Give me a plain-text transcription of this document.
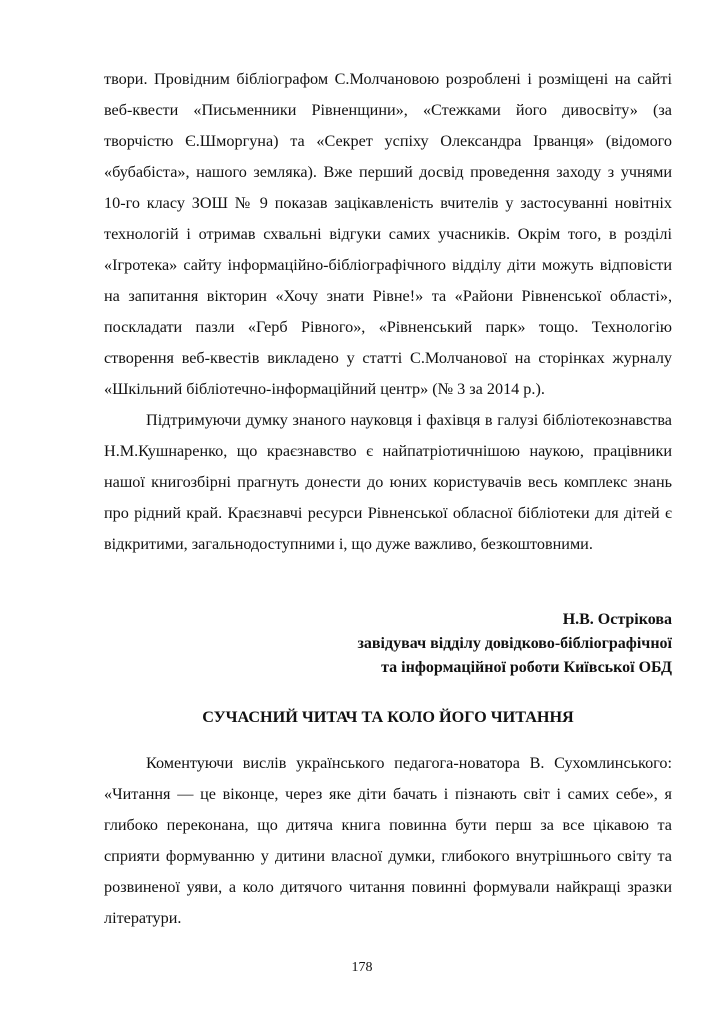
твори. Провідним бібліографом С.Молчановою розроблені і розміщені на сайті веб-квести «Письменники Рівненщини», «Стежками його дивосвіту» (за творчістю Є.Шморгуна) та «Секрет успіху Олександра Ірванця» (відомого «бубабіста», нашого земляка). Вже перший досвід проведення заходу з учнями 10-го класу ЗОШ № 9 показав зацікавленість вчителів у застосуванні новітніх технологій і отримав схвальні відгуки самих учасників. Окрім того, в розділі «Ігротека» сайту інформаційно-бібліографічного відділу діти можуть відповісти на запитання вікторин «Хочу знати Рівне!» та «Райони Рівненської області», поскладати пазли «Герб Рівного», «Рівненський парк» тощо. Технологію створення веб-квестів викладено у статті С.Молчанової на сторінках журналу «Шкільний бібліотечно-інформаційний центр» (№ 3 за 2014 р.).

Підтримуючи думку знаного науковця і фахівця в галузі бібліотекознавства Н.М.Кушнаренко, що краєзнавство є найпатріотичнішою наукою, працівники нашої книгозбірні прагнуть донести до юних користувачів весь комплекс знань про рідний край. Краєзнавчі ресурси Рівненської обласної бібліотеки для дітей є відкритими, загальнодоступними і, що дуже важливо, безкоштовними.

Н.В. Острікова
завідувач відділу довідково-бібліографічної
та інформаційної роботи Київської ОБД
СУЧАСНИЙ ЧИТАЧ ТА КОЛО ЙОГО ЧИТАННЯ

Коментуючи вислів українського педагога-новатора В. Сухомлинського: «Читання — це віконце, через яке діти бачать і пізнають світ і самих себе», я глибоко переконана, що дитяча книга повинна бути перш за все цікавою та сприяти формуванню у дитини власної думки, глибокого внутрішнього світу та розвиненої уяви, а коло дитячого читання повинні формували найкращі зразки літератури.

178
